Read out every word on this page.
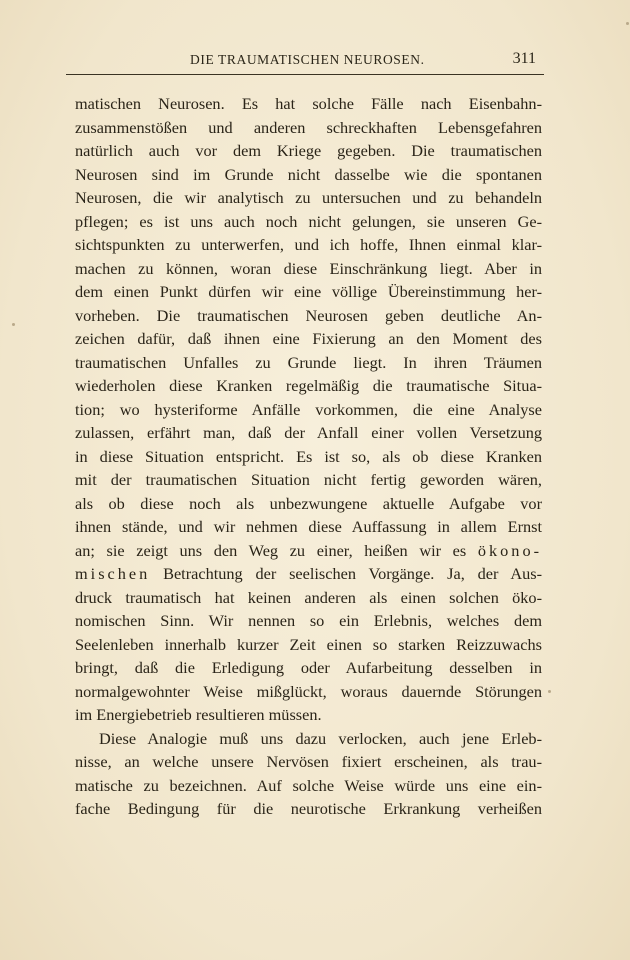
DIE TRAUMATISCHEN NEUROSEN.	311
matischen Neurosen. Es hat solche Fälle nach Eisenbahn-
zusammenstößen und anderen schreckhaften Lebensgefahren
natürlich auch vor dem Kriege gegeben. Die traumatischen
Neurosen sind im Grunde nicht dasselbe wie die spontanen
Neurosen, die wir analytisch zu untersuchen und zu behandeln
pflegen; es ist uns auch noch nicht gelungen, sie unseren Ge-
sichtspunkten zu unterwerfen, und ich hoffe, Ihnen einmal klar-
machen zu können, woran diese Einschränkung liegt. Aber in
dem einen Punkt dürfen wir eine völlige Übereinstimmung her-
vorheben. Die traumatischen Neurosen geben deutliche An-
zeichen dafür, daß ihnen eine Fixierung an den Moment des
traumatischen Unfalles zu Grunde liegt. In ihren Träumen
wiederholen diese Kranken regelmäßig die traumatische Situa-
tion; wo hysteriforme Anfälle vorkommen, die eine Analyse
zulassen, erfährt man, daß der Anfall einer vollen Versetzung
in diese Situation entspricht. Es ist so, als ob diese Kranken
mit der traumatischen Situation nicht fertig geworden wären,
als ob diese noch als unbezwungene aktuelle Aufgabe vor
ihnen stände, und wir nehmen diese Auffassung in allem Ernst
an; sie zeigt uns den Weg zu einer, heißen wir es ökono-
mischen Betrachtung der seelischen Vorgänge. Ja, der Aus-
druck traumatisch hat keinen anderen als einen solchen öko-
nomischen Sinn. Wir nennen so ein Erlebnis, welches dem
Seelenleben innerhalb kurzer Zeit einen so starken Reizzuwachs
bringt, daß die Erledigung oder Aufarbeitung desselben in
normalgewohnter Weise mißglückt, woraus dauernde Störungen
im Energiebetrieb resultieren müssen.
Diese Analogie muß uns dazu verlocken, auch jene Erleb-
nisse, an welche unsere Nervösen fixiert erscheinen, als trau-
matische zu bezeichnen. Auf solche Weise würde uns eine ein-
fache Bedingung für die neurotische Erkrankung verheißen
